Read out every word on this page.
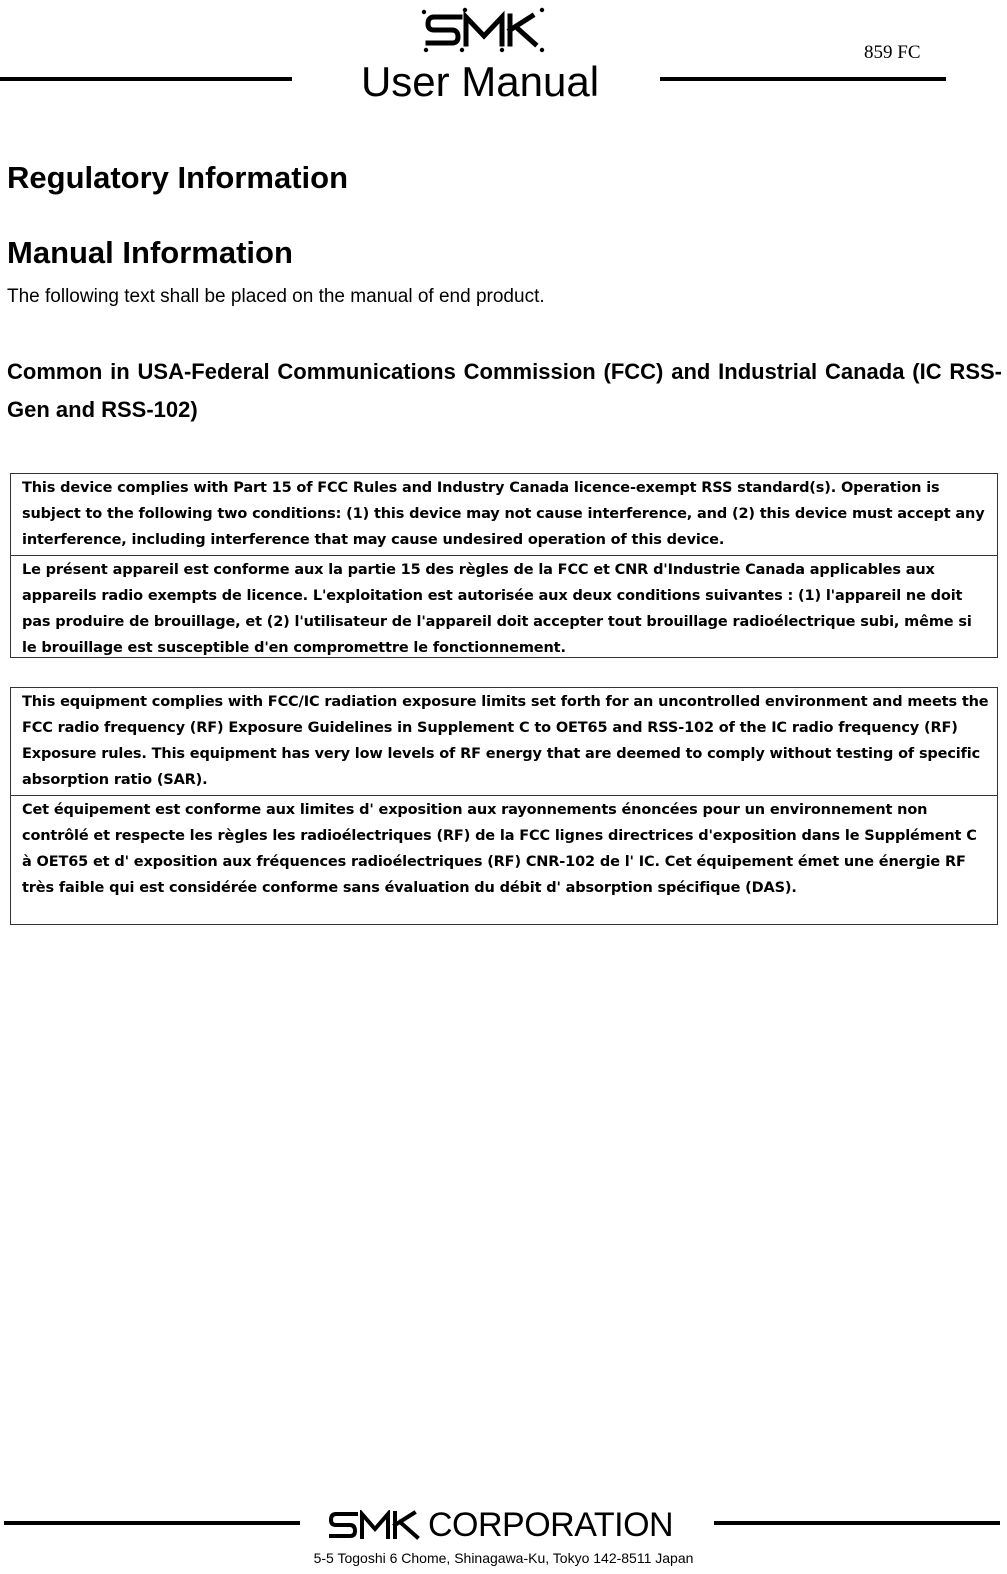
859 FC
User Manual
Regulatory Information
Manual Information
The following text shall be placed on the manual of end product.
Common in USA-Federal Communications Commission (FCC) and Industrial Canada (IC RSS-Gen and RSS-102)
This device complies with Part 15 of FCC Rules and Industry Canada licence-exempt RSS standard(s). Operation is subject to the following two conditions: (1) this device may not cause interference, and (2) this device must accept any interference, including interference that may cause undesired operation of this device.
Le présent appareil est conforme aux la partie 15 des règles de la FCC et CNR d'Industrie Canada applicables aux appareils radio exempts de licence. L'exploitation est autorisée aux deux conditions suivantes : (1) l'appareil ne doit pas produire de brouillage, et (2) l'utilisateur de l'appareil doit accepter tout brouillage radioélectrique subi, même si le brouillage est susceptible d'en compromettre le fonctionnement.
This equipment complies with FCC/IC radiation exposure limits set forth for an uncontrolled environment and meets the FCC radio frequency (RF) Exposure Guidelines in Supplement C to OET65 and RSS-102 of the IC radio frequency (RF) Exposure rules. This equipment has very low levels of RF energy that are deemed to comply without testing of specific absorption ratio (SAR).
Cet équipement est conforme aux limites d' exposition aux rayonnements énoncées pour un environnement non contrôlé et respecte les règles les radioélectriques (RF) de la FCC lignes directrices d'exposition dans le Supplément C à OET65 et d' exposition aux fréquences radioélectriques (RF) CNR-102 de l' IC. Cet équipement émet une énergie RF très faible qui est considérée conforme sans évaluation du débit d' absorption spécifique (DAS).
CORPORATION
5-5 Togoshi 6 Chome, Shinagawa-Ku, Tokyo 142-8511 Japan
